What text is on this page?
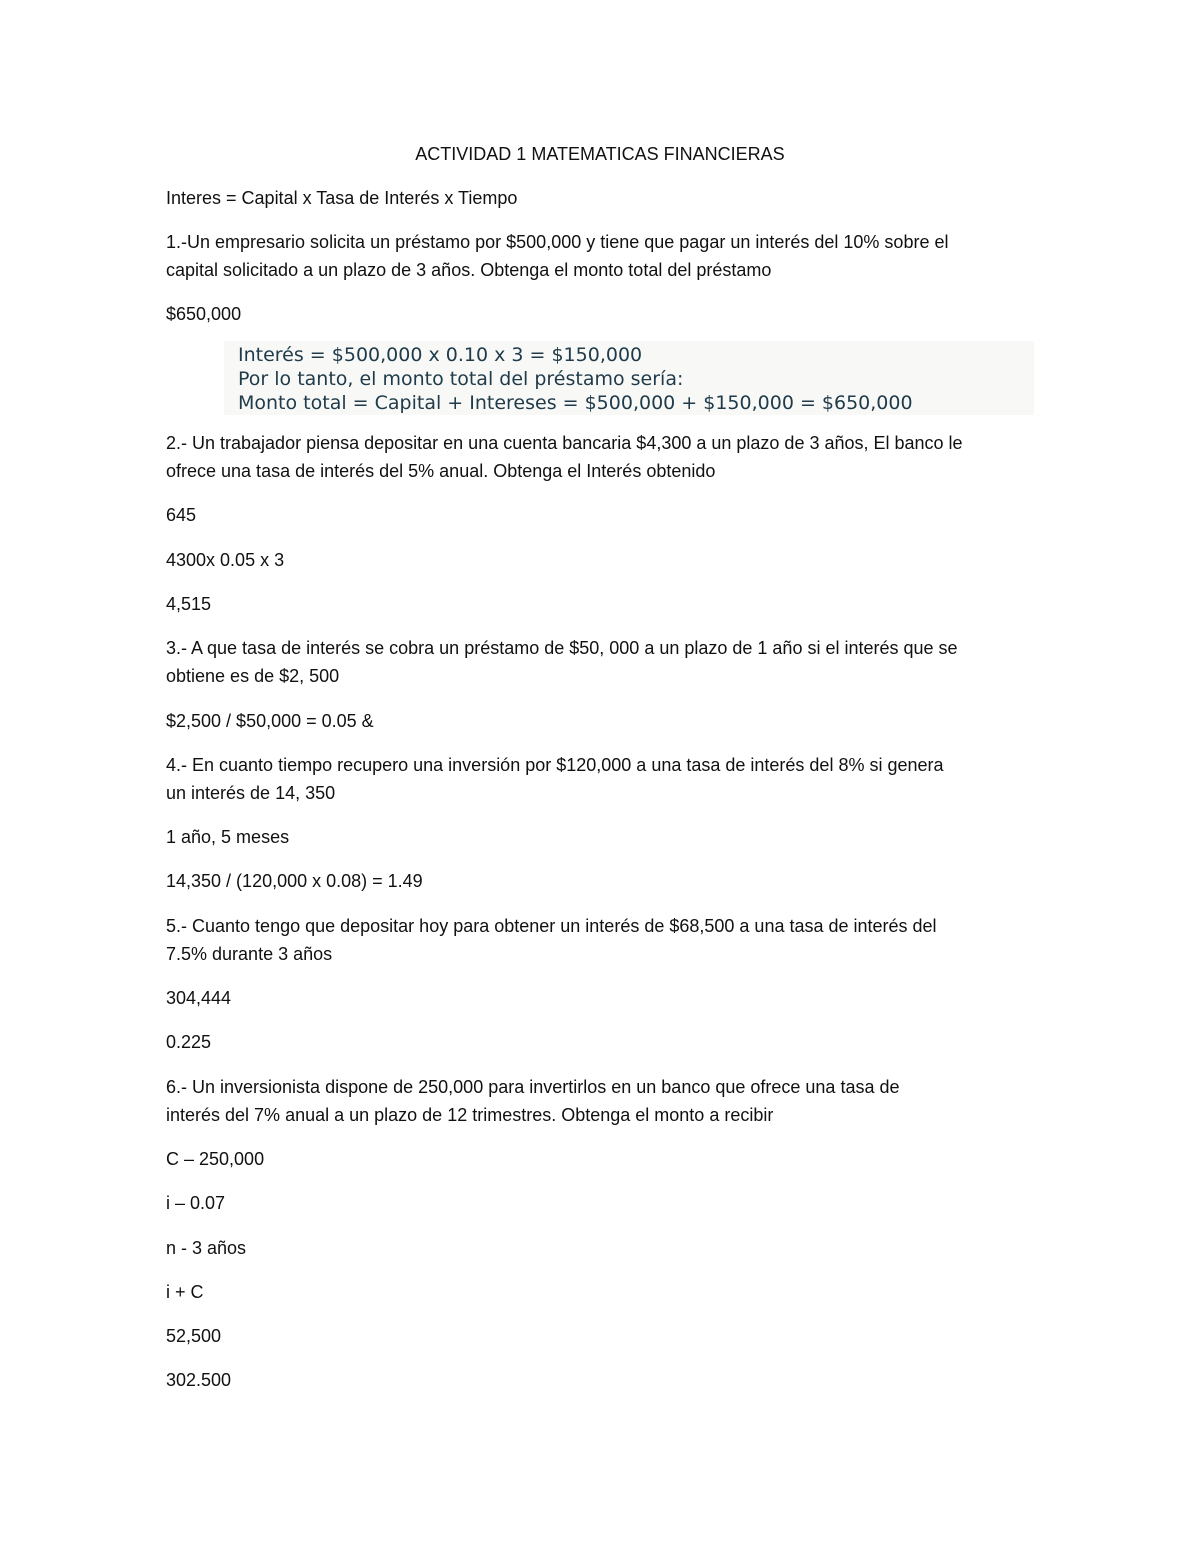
ACTIVIDAD 1 MATEMATICAS FINANCIERAS
Interes = Capital x Tasa de Interés x Tiempo
1.-Un empresario solicita un préstamo por $500,000 y tiene que pagar un interés del 10% sobre el
capital solicitado a un plazo de 3 años. Obtenga el monto total del préstamo
$650,000
Interés = $500,000 x 0.10 x 3 = $150,000
Por lo tanto, el monto total del préstamo sería:
Monto total = Capital + Intereses = $500,000 + $150,000 = $650,000
2.- Un trabajador piensa depositar en una cuenta bancaria $4,300 a un plazo de 3 años, El banco le
ofrece una tasa de interés del 5% anual. Obtenga el Interés obtenido
645
4300x 0.05 x 3
4,515
3.- A que tasa de interés se cobra un préstamo de $50, 000 a un plazo de 1 año si el interés que se
obtiene es de $2, 500
$2,500 / $50,000 = 0.05 &
4.- En cuanto tiempo recupero una inversión por $120,000 a una tasa de interés del 8% si genera
un interés de 14, 350
1 año, 5 meses
14,350 / (120,000 x 0.08) = 1.49
5.- Cuanto tengo que depositar hoy para obtener un interés de $68,500 a una tasa de interés del
7.5% durante 3 años
304,444
0.225
6.- Un inversionista dispone de 250,000 para invertirlos en un banco que ofrece una tasa de
interés del 7% anual a un plazo de 12 trimestres. Obtenga el monto a recibir
C – 250,000
i – 0.07
n - 3 años
i + C
52,500
302.500
